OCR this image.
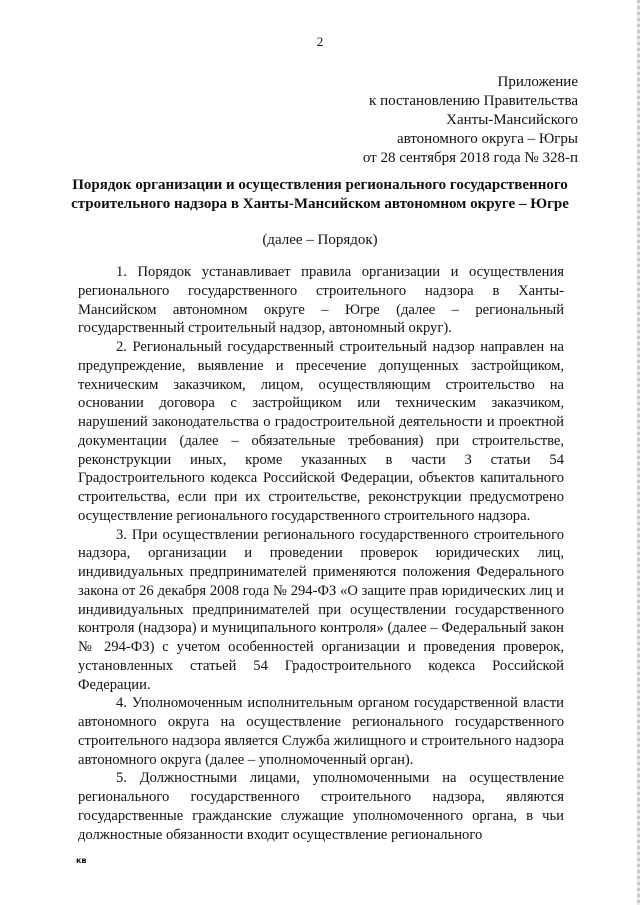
2
Приложение
к постановлению Правительства
Ханты-Мансийского
автономного округа – Югры
от 28 сентября 2018 года № 328-п
Порядок организации и осуществления регионального государственного строительного надзора в Ханты-Мансийском автономном округе – Югре
(далее – Порядок)

1. Порядок устанавливает правила организации и осуществления регионального государственного строительного надзора в Ханты-Мансийском автономном округе – Югре (далее – региональный государственный строительный надзор, автономный округ).

2. Региональный государственный строительный надзор направлен на предупреждение, выявление и пресечение допущенных застройщиком, техническим заказчиком, лицом, осуществляющим строительство на основании договора с застройщиком или техническим заказчиком, нарушений законодательства о градостроительной деятельности и проектной документации (далее – обязательные требования) при строительстве, реконструкции иных, кроме указанных в части 3 статьи 54 Градостроительного кодекса Российской Федерации, объектов капитального строительства, если при их строительстве, реконструкции предусмотрено осуществление регионального государственного строительного надзора.

3. При осуществлении регионального государственного строительного надзора, организации и проведении проверок юридических лиц, индивидуальных предпринимателей применяются положения Федерального закона от 26 декабря 2008 года № 294-ФЗ «О защите прав юридических лиц и индивидуальных предпринимателей при осуществлении государственного контроля (надзора) и муниципального контроля» (далее – Федеральный закон № 294-ФЗ) с учетом особенностей организации и проведения проверок, установленных статьей 54 Градостроительного кодекса Российской Федерации.

4. Уполномоченным исполнительным органом государственной власти автономного округа на осуществление регионального государственного строительного надзора является Служба жилищного и строительного надзора автономного округа (далее – уполномоченный орган).

5. Должностными лицами, уполномоченными на осуществление регионального государственного строительного надзора, являются государственные гражданские служащие уполномоченного органа, в чьи должностные обязанности входит осуществление регионального

кв
